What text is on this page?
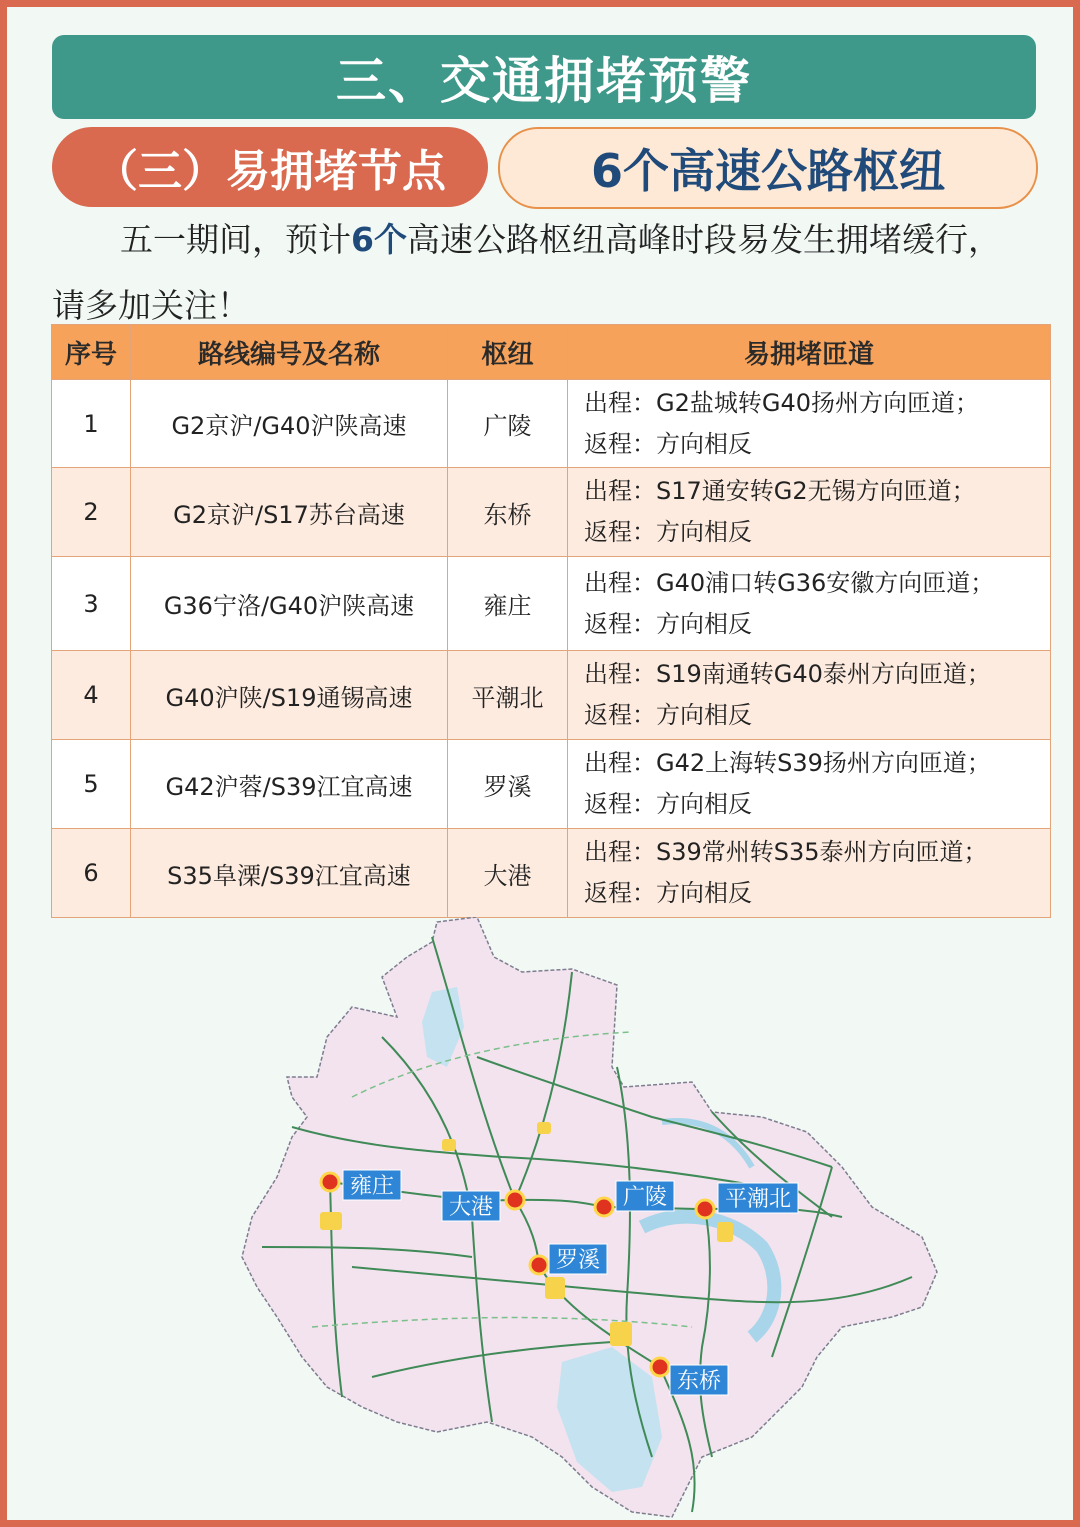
三、交通拥堵预警
（三）易拥堵节点	6个高速公路枢纽
五一期间，预计6个高速公路枢纽高峰时段易发生拥堵缓行，
请多加关注！
序号	路线编号及名称	枢纽	易拥堵匝道
1	G2京沪/G40沪陕高速	广陵	出程：G2盐城转G40扬州方向匝道；
返程：方向相反
2	G2京沪/S17苏台高速	东桥	出程：S17通安转G2无锡方向匝道；
返程：方向相反
3	G36宁洛/G40沪陕高速	雍庄	出程：G40浦口转G36安徽方向匝道；
返程：方向相反
4	G40沪陕/S19通锡高速	平潮北	出程：S19南通转G40泰州方向匝道；
返程：方向相反
5	G42沪蓉/S39江宜高速	罗溪	出程：G42上海转S39扬州方向匝道；
返程：方向相反
6	S35阜溧/S39江宜高速	大港	出程：S39常州转S35泰州方向匝道；
返程：方向相反
雍庄
大港	广陵	平潮北
罗溪
东桥
